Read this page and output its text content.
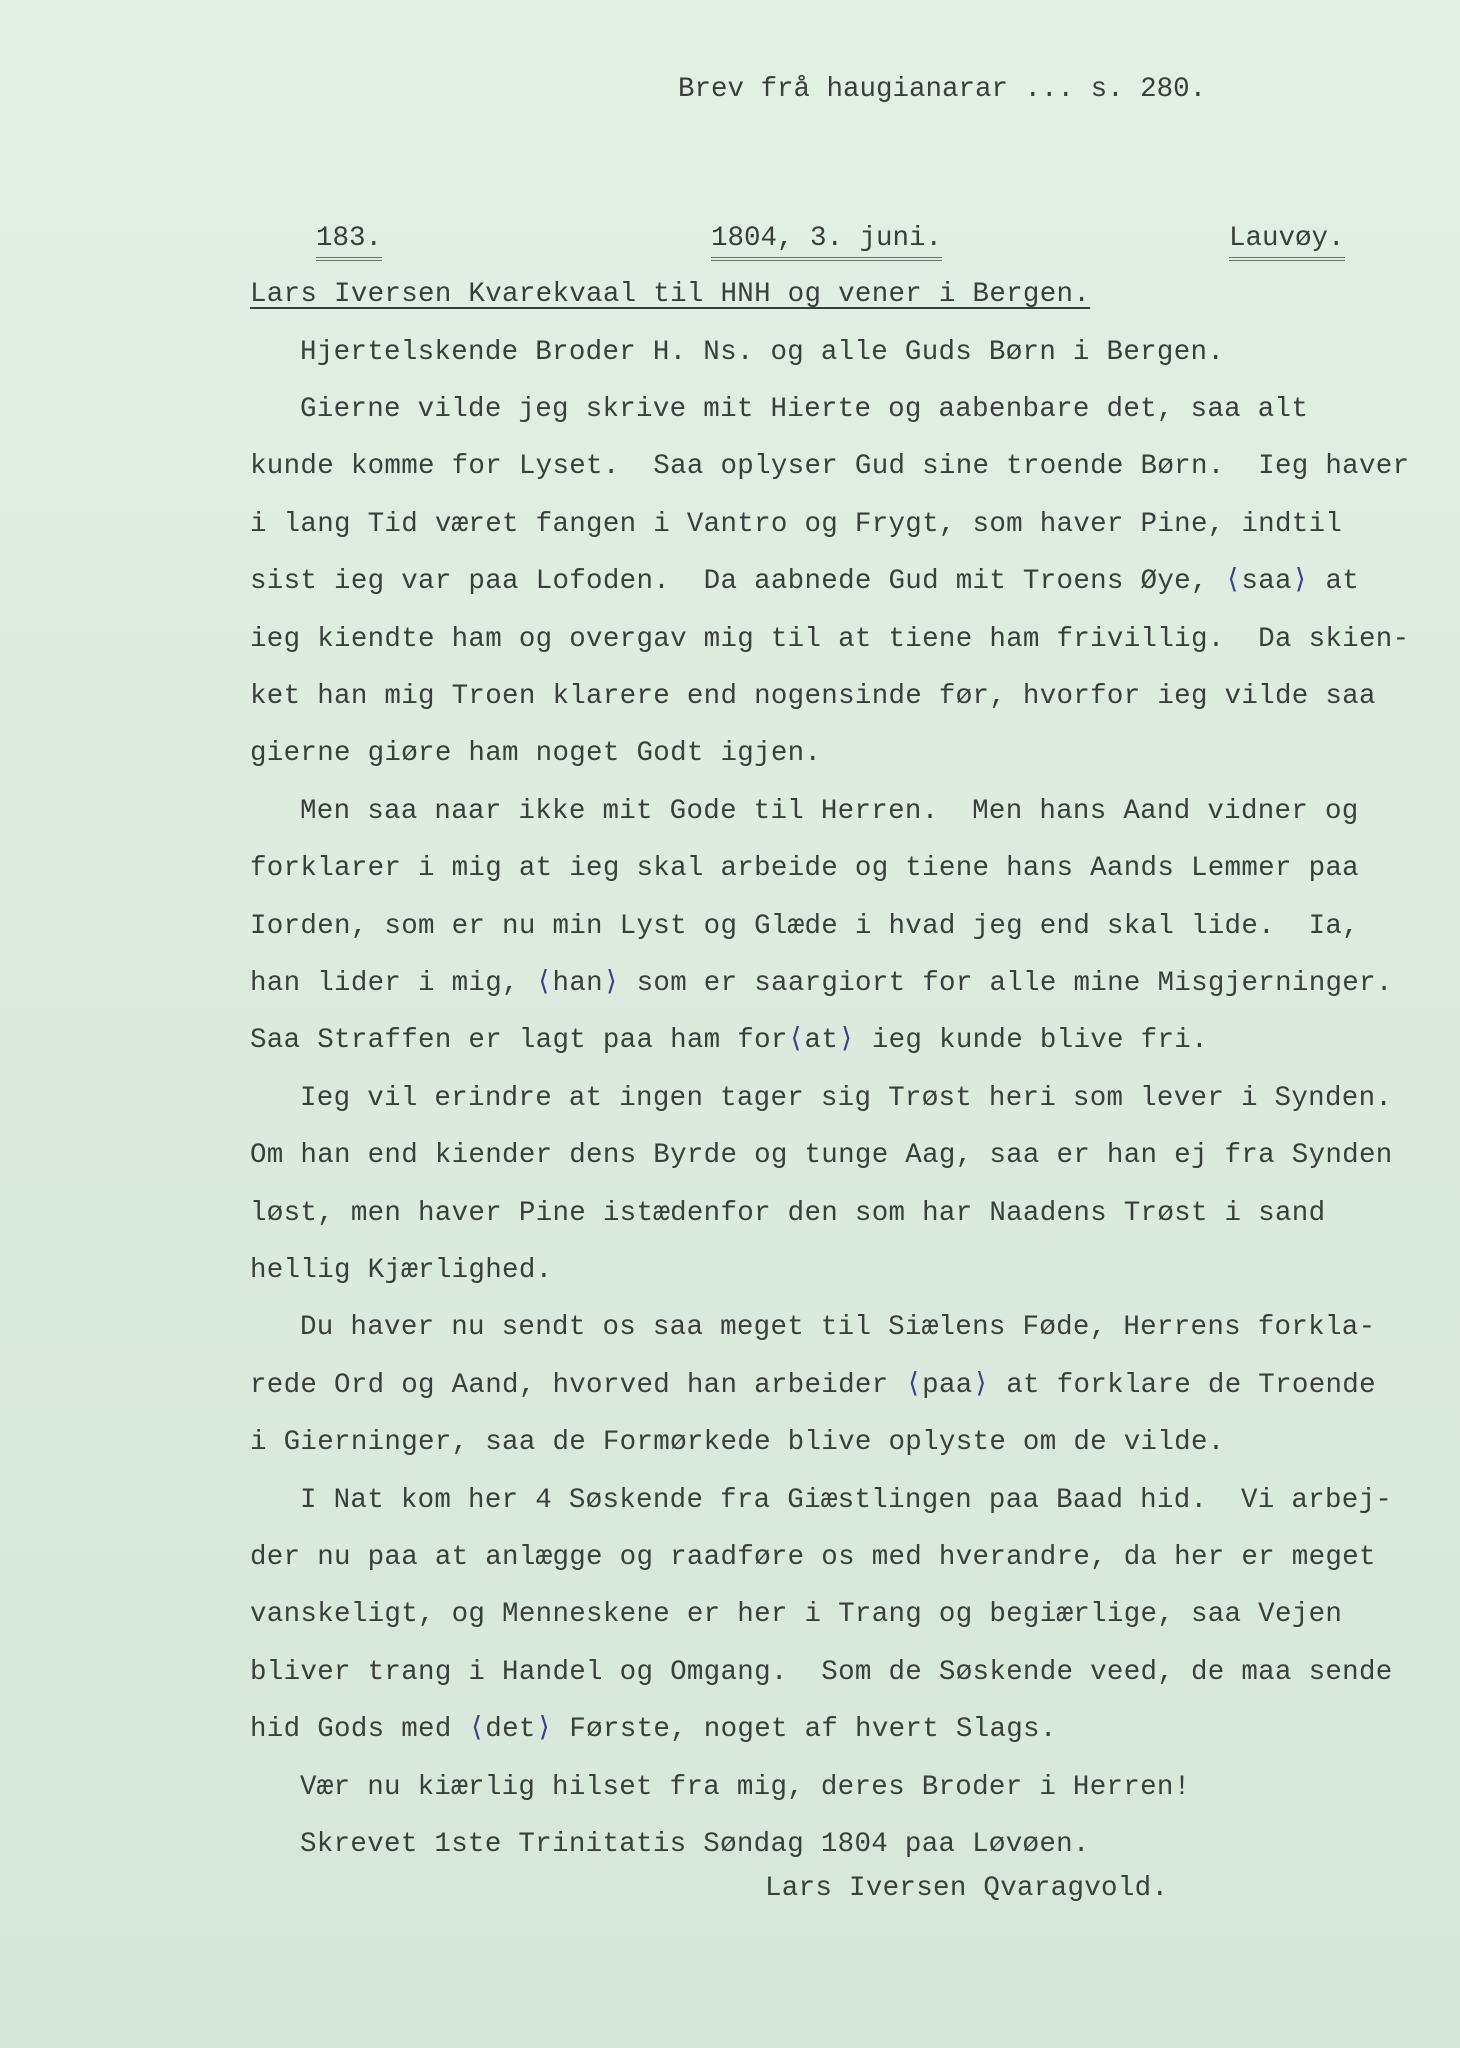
Brev frå haugianarar ... s. 280.

183.
	1804, 3. juni.
	Lauvøy.

Lars Iversen Kvarekvaal til HNH og vener i Bergen.
Hjertelskende Broder H. Ns. og alle Guds Børn i Bergen.
Gierne vilde jeg skrive mit Hierte og aabenbare det, saa alt
kunde komme for Lyset.  Saa oplyser Gud sine troende Børn.  Ieg haver
i lang Tid været fangen i Vantro og Frygt, som haver Pine, indtil
sist ieg var paa Lofoden.  Da aabnede Gud mit Troens Øye, ⟨saa⟩ at
ieg kiendte ham og overgav mig til at tiene ham frivillig.  Da skien-
ket han mig Troen klarere end nogensinde før, hvorfor ieg vilde saa
gierne giøre ham noget Godt igjen.
Men saa naar ikke mit Gode til Herren.  Men hans Aand vidner og
forklarer i mig at ieg skal arbeide og tiene hans Aands Lemmer paa
Iorden, som er nu min Lyst og Glæde i hvad jeg end skal lide.  Ia,
han lider i mig, ⟨han⟩ som er saargiort for alle mine Misgjerninger.
Saa Straffen er lagt paa ham for⟨at⟩ ieg kunde blive fri.
Ieg vil erindre at ingen tager sig Trøst heri som lever i Synden.
Om han end kiender dens Byrde og tunge Aag, saa er han ej fra Synden
løst, men haver Pine istædenfor den som har Naadens Trøst i sand
hellig Kjærlighed.
Du haver nu sendt os saa meget til Siælens Føde, Herrens forkla-
rede Ord og Aand, hvorved han arbeider ⟨paa⟩ at forklare de Troende
i Gierninger, saa de Formørkede blive oplyste om de vilde.
I Nat kom her 4 Søskende fra Giæstlingen paa Baad hid.  Vi arbej-
der nu paa at anlægge og raadføre os med hverandre, da her er meget
vanskeligt, og Menneskene er her i Trang og begiærlige, saa Vejen
bliver trang i Handel og Omgang.  Som de Søskende veed, de maa sende
hid Gods med ⟨det⟩ Første, noget af hvert Slags.
Vær nu kiærlig hilset fra mig, deres Broder i Herren!
Skrevet 1ste Trinitatis Søndag 1804 paa Løvøen.
Lars Iversen Qvaragvold.
